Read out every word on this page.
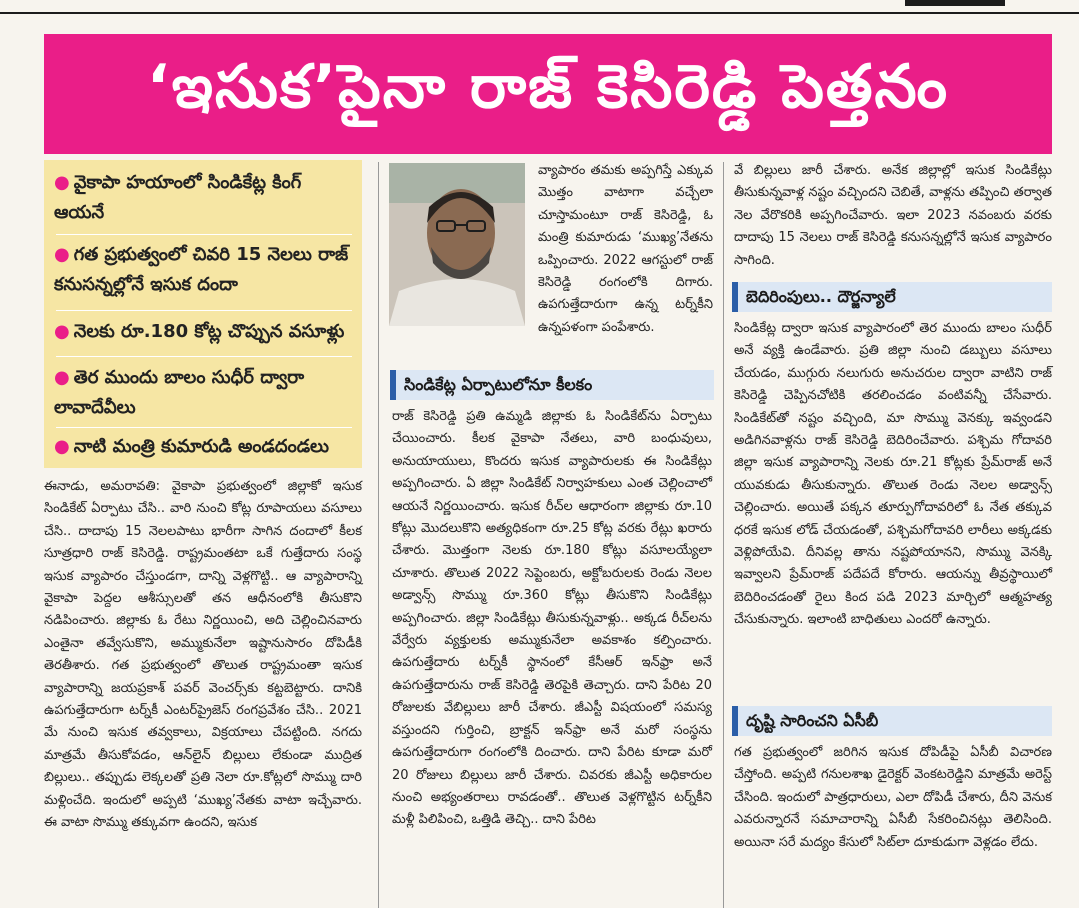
‘ఇసుక’పైనా రాజ్ కెసిరెడ్డి పెత్తనం
● వైకాపా హయాంలో సిండికేట్ల కింగ్ ఆయనే
● గత ప్రభుత్వంలో చివరి 15 నెలలు రాజ్ కనుసన్నల్లోనే ఇసుక దందా
● నెలకు రూ.180 కోట్ల చొప్పున వసూళ్లు
● తెర ముందు బాలం సుధీర్ ద్వారా లావాదేవీలు
● నాటి మంత్రి కుమారుడి అండదండలు

ఈనాడు, అమరావతి: వైకాపా ప్రభుత్వంలో జిల్లాకో ఇసుక సిండికేట్ ఏర్పాటు చేసి.. వారి నుంచి కోట్ల రూపాయలు వసూలు చేసి.. దాదాపు 15 నెలలపాటు భారీగా సాగిన దందాలో కీలక సూత్రధారి రాజ్ కెసిరెడ్డి. రాష్ట్రమంతటా ఒకే గుత్తేదారు సంస్థ ఇసుక వ్యాపారం చేస్తుండగా, దాన్ని వెళ్లగొట్టి.. ఆ వ్యాపారాన్ని వైకాపా పెద్దల ఆశీస్సులతో తన ఆధీనంలోకి తీసుకొని నడిపించారు. జిల్లాకు ఓ రేటు నిర్ణయించి, అది చెల్లించినవారు ఎంతైనా తవ్వేసుకొని, అమ్ముకునేలా ఇష్టానుసారం దోపిడీకి తెరతీశారు. గత ప్రభుత్వంలో తొలుత రాష్ట్రమంతా ఇసుక వ్యాపారాన్ని జయప్రకాశ్ పవర్ వెంచర్స్‌కు కట్టబెట్టారు. దానికి ఉపగుత్తేదారుగా టర్న్‌కీ ఎంటర్‌ప్రైజెస్ రంగప్రవేశం చేసి.. 2021 మే నుంచి ఇసుక తవ్వకాలు, విక్రయాలు చేపట్టింది. నగదు మాత్రమే తీసుకోవడం, ఆన్‌లైన్ బిల్లులు లేకుండా ముద్రిత బిల్లులు.. తప్పుడు లెక్కలతో ప్రతి నెలా రూ.కోట్లలో సొమ్ము దారి మళ్లించేది. ఇందులో అప్పటి ‘ముఖ్య’నేతకు వాటా ఇచ్చేవారు. ఈ వాటా సొమ్ము తక్కువగా ఉందని, ఇసుక

వ్యాపారం తమకు అప్పగిస్తే ఎక్కువ మొత్తం వాటాగా వచ్చేలా చూస్తామంటూ రాజ్ కెసిరెడ్డి, ఓ మంత్రి కుమారుడు ‘ముఖ్య’నేతను ఒప్పించారు. 2022 ఆగస్టులో రాజ్ కెసిరెడ్డి రంగంలోకి దిగారు. ఉపగుత్తేదారుగా ఉన్న టర్న్‌కీని ఉన్నపళంగా పంపేశారు.

సిండికేట్ల ఏర్పాటులోనూ కీలకం

రాజ్ కెసిరెడ్డి ప్రతి ఉమ్మడి జిల్లాకు ఓ సిండికేట్‌ను ఏర్పాటు చేయించారు. కీలక వైకాపా నేతలు, వారి బంధువులు, అనుయాయులు, కొందరు ఇసుక వ్యాపారులకు ఈ సిండికేట్లు అప్పగించారు. ఏ జిల్లా సిండికేట్ నిర్వాహకులు ఎంత చెల్లించాలో ఆయనే నిర్ణయించారు. ఇసుక రీచ్‌ల ఆధారంగా జిల్లాకు రూ.10 కోట్లు మొదలుకొని అత్యధికంగా రూ.25 కోట్ల వరకు రేట్లు ఖరారు చేశారు. మొత్తంగా నెలకు రూ.180 కోట్లు వసూలయ్యేలా చూశారు. తొలుత 2022 సెప్టెంబరు, అక్టోబరులకు రెండు నెలల అడ్వాన్స్ సొమ్ము రూ.360 కోట్లు తీసుకొని సిండికేట్లు అప్పగించారు. జిల్లా సిండికేట్లు తీసుకున్నవాళ్లు.. అక్కడ రీచ్‌లను వేర్వేరు వ్యక్తులకు అమ్ముకునేలా అవకాశం కల్పించారు. ఉపగుత్తేదారు టర్న్‌కీ స్థానంలో కేసీఆర్ ఇన్‌ఫ్రా అనే ఉపగుత్తేదారును రాజ్ కెసిరెడ్డి తెరపైకి తెచ్చారు. దాని పేరిట 20 రోజులకు వేబిల్లులు జారీ చేశారు. జీఎస్టీ విషయంలో సమస్య వస్తుందని గుర్తించి, బ్రాక్టన్ ఇన్‌ఫ్రా అనే మరో సంస్థను ఉపగుత్తేదారుగా రంగంలోకి దించారు. దాని పేరిట కూడా మరో 20 రోజులు బిల్లులు జారీ చేశారు. చివరకు జీఎస్టీ అధికారుల నుంచి అభ్యంతరాలు రావడంతో.. తొలుత వెళ్లగొట్టిన టర్న్‌కీని మళ్లీ పిలిపించి, ఒత్తిడి తెచ్చి.. దాని పేరిట

వే బిల్లులు జారీ చేశారు. అనేక జిల్లాల్లో ఇసుక సిండికేట్లు తీసుకున్నవాళ్ల నష్టం వచ్చిందని చెబితే, వాళ్లను తప్పించి తర్వాత నెల వేరొకరికి అప్పగించేవారు. ఇలా 2023 నవంబరు వరకు దాదాపు 15 నెలలు రాజ్ కెసిరెడ్డి కనుసన్నల్లోనే ఇసుక వ్యాపారం సాగింది.

బెదిరింపులు.. దౌర్జన్యాలే

సిండికేట్ల ద్వారా ఇసుక వ్యాపారంలో తెర ముందు బాలం సుధీర్ అనే వ్యక్తి ఉండేవారు. ప్రతి జిల్లా నుంచి డబ్బులు వసూలు చేయడం, ముగ్గురు నలుగురు అనుచరుల ద్వారా వాటిని రాజ్ కెసిరెడ్డి చెప్పినచోటికి తరలించడం వంటివన్నీ చేసేవారు. సిండికేట్‌తో నష్టం వచ్చింది, మా సొమ్ము వెనక్కు ఇవ్వండని అడిగినవాళ్లను రాజ్ కెసిరెడ్డి బెదిరించేవారు. పశ్చిమ గోదావరి జిల్లా ఇసుక వ్యాపారాన్ని నెలకు రూ.21 కోట్లకు ప్రేమ్‌రాజ్ అనే యువకుడు తీసుకున్నారు. తొలుత రెండు నెలల అడ్వాన్స్ చెల్లించారు. అయితే పక్కన తూర్పుగోదావరిలో ఓ నేత తక్కువ ధరకే ఇసుక లోడ్ చేయడంతో, పశ్చిమగోదావరి లారీలు అక్కడకు వెళ్లిపోయేవి. దీనివల్ల తాను నష్టపోయానని, సొమ్ము వెనక్కి ఇవ్వాలని ప్రేమ్‌రాజ్ పదేపదే కోరారు. ఆయన్ను తీవ్రస్థాయిలో బెదిరించడంతో రైలు కింద పడి 2023 మార్చిలో ఆత్మహత్య చేసుకున్నారు. ఇలాంటి బాధితులు ఎందరో ఉన్నారు.

దృష్టి సారించని ఏసీబీ

గత ప్రభుత్వంలో జరిగిన ఇసుక దోపిడీపై ఏసీబీ విచారణ చేస్తోంది. అప్పటి గనులశాఖ డైరెక్టర్ వెంకటరెడ్డిని మాత్రమే అరెస్ట్ చేసింది. ఇందులో పాత్రధారులు, ఎలా దోపిడీ చేశారు, దీని వెనుక ఎవరున్నారనే సమాచారాన్ని ఏసీబీ సేకరించినట్లు తెలిసింది. అయినా సరే మద్యం కేసులో సిట్‌లా దూకుడుగా వెళ్లడం లేదు.
